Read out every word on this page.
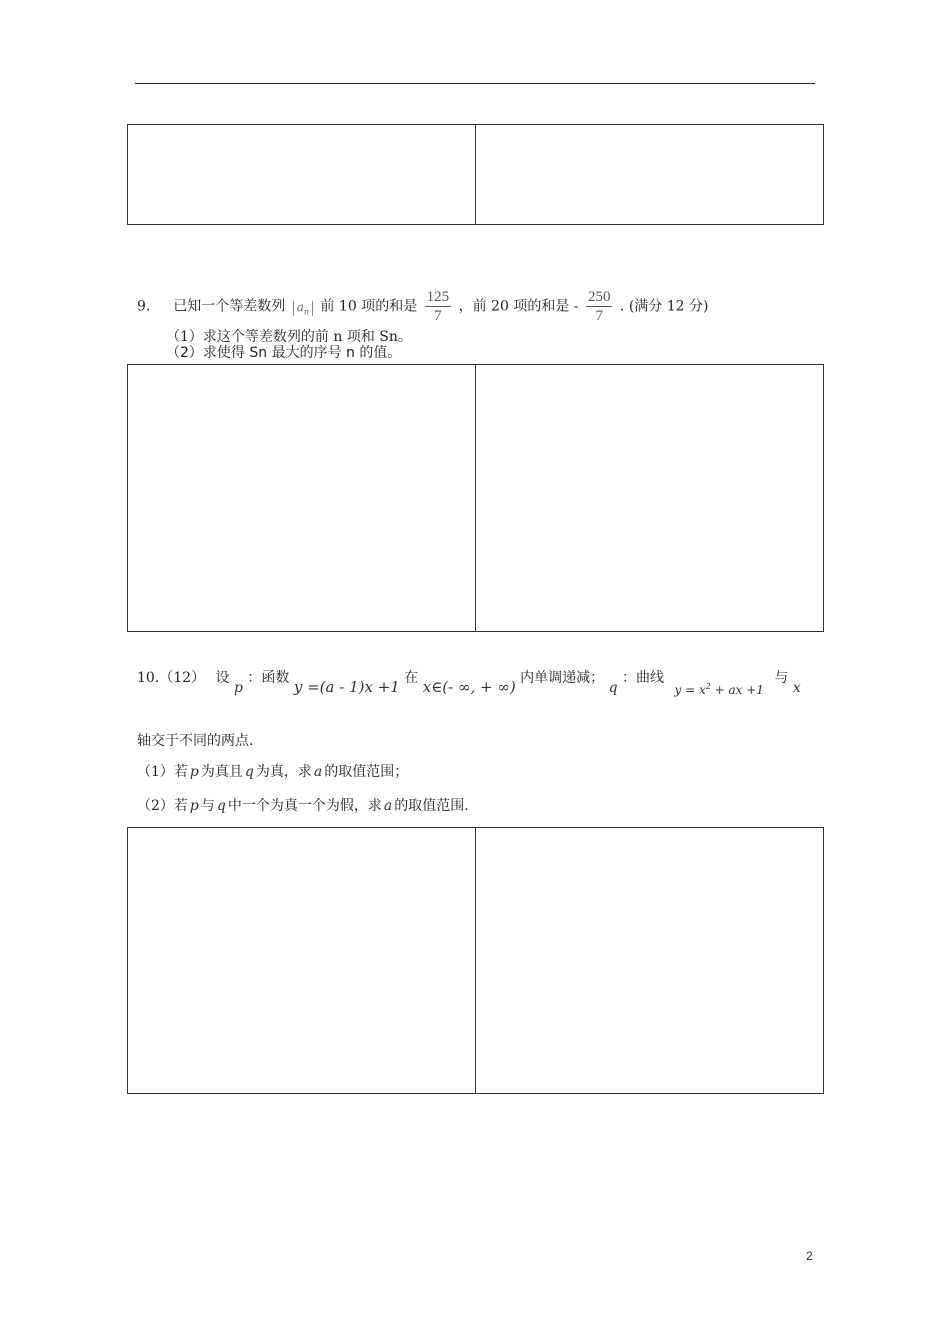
9. 已知一个等差数列 $a_n$ 前 10 项的和是 $\frac{125}{7}$ ，前 20 项的和是 - $\frac{250}{7}$ . (满分 12 分)
（1）求这个等差数列的前 n 项和 Sn。
（2）求使得 Sn 最大的序号 n 的值。
10.（12） 设 p ：函数 y =(a - 1)x +1 在 x∈(- ∞, + ∞) 内单调递减； q ：曲线 $y = x^2$ + ax +1 与 x
轴交于不同的两点.
（1）若 p 为真且 q 为真，求 a 的取值范围；
（2）若 p 与 q 中一个为真一个为假，求 a 的取值范围.
2
